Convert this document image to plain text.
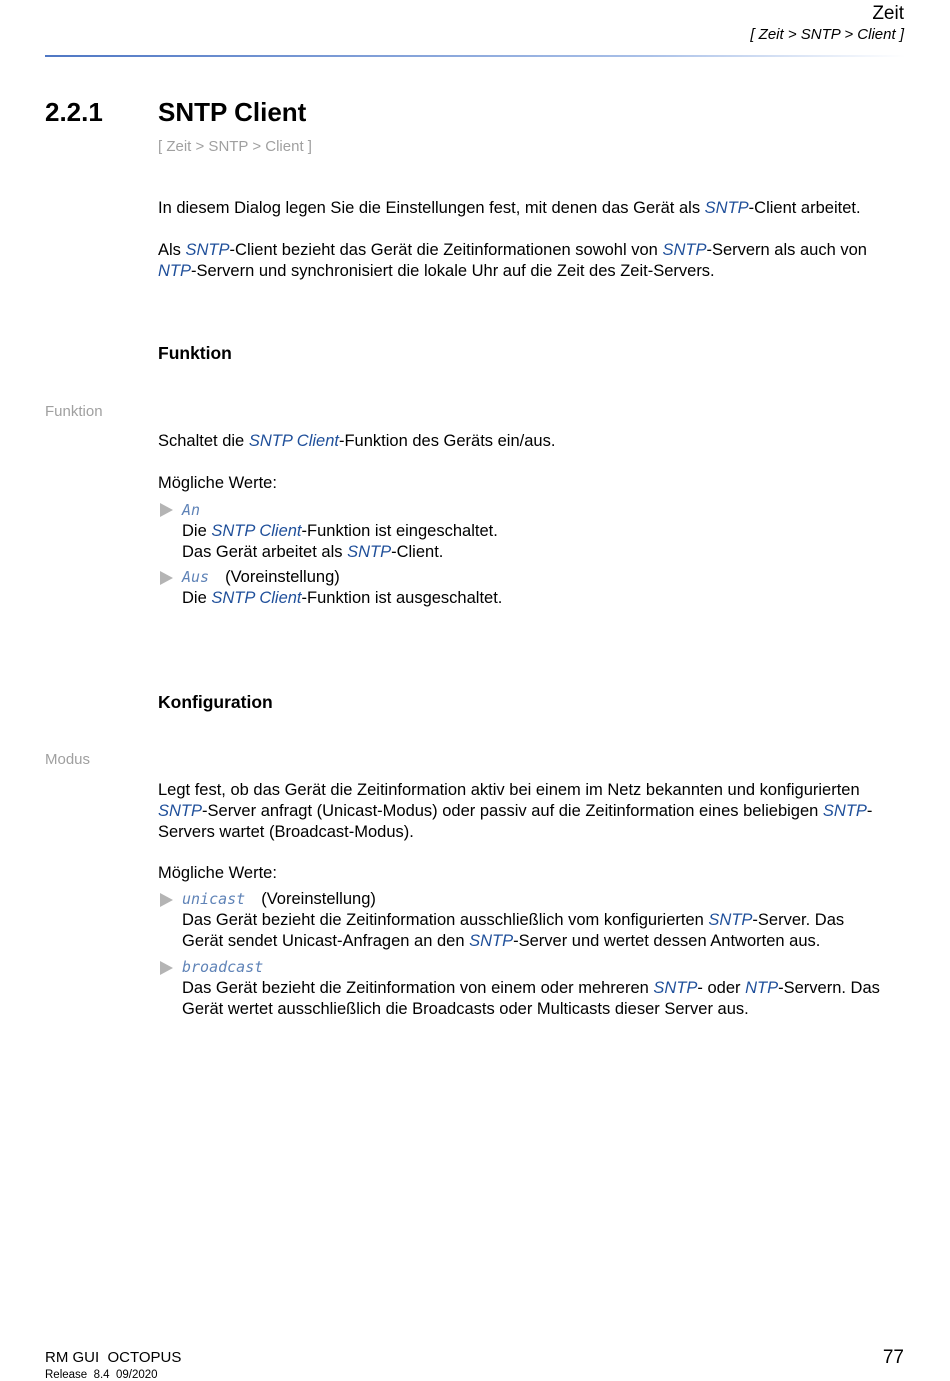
Zeit
[ Zeit > SNTP > Client ]
2.2.1 SNTP Client
[ Zeit > SNTP > Client ]
In diesem Dialog legen Sie die Einstellungen fest, mit denen das Gerät als SNTP-Client arbeitet.
Als SNTP-Client bezieht das Gerät die Zeitinformationen sowohl von SNTP-Servern als auch von
NTP-Servern und synchronisiert die lokale Uhr auf die Zeit des Zeit-Servers.
Funktion
Funktion
Schaltet die SNTP Client-Funktion des Geräts ein/aus.
Mögliche Werte:
An
Die SNTP Client-Funktion ist eingeschaltet.
Das Gerät arbeitet als SNTP-Client.
Aus (Voreinstellung)
Die SNTP Client-Funktion ist ausgeschaltet.
Konfiguration
Modus
Legt fest, ob das Gerät die Zeitinformation aktiv bei einem im Netz bekannten und konfigurierten
SNTP-Server anfragt (Unicast-Modus) oder passiv auf die Zeitinformation eines beliebigen SNTP-
Servers wartet (Broadcast-Modus).
Mögliche Werte:
unicast (Voreinstellung)
Das Gerät bezieht die Zeitinformation ausschließlich vom konfigurierten SNTP-Server. Das
Gerät sendet Unicast-Anfragen an den SNTP-Server und wertet dessen Antworten aus.
broadcast
Das Gerät bezieht die Zeitinformation von einem oder mehreren SNTP- oder NTP-Servern. Das
Gerät wertet ausschließlich die Broadcasts oder Multicasts dieser Server aus.
RM GUI  OCTOPUS
Release  8.4  09/2020
77
